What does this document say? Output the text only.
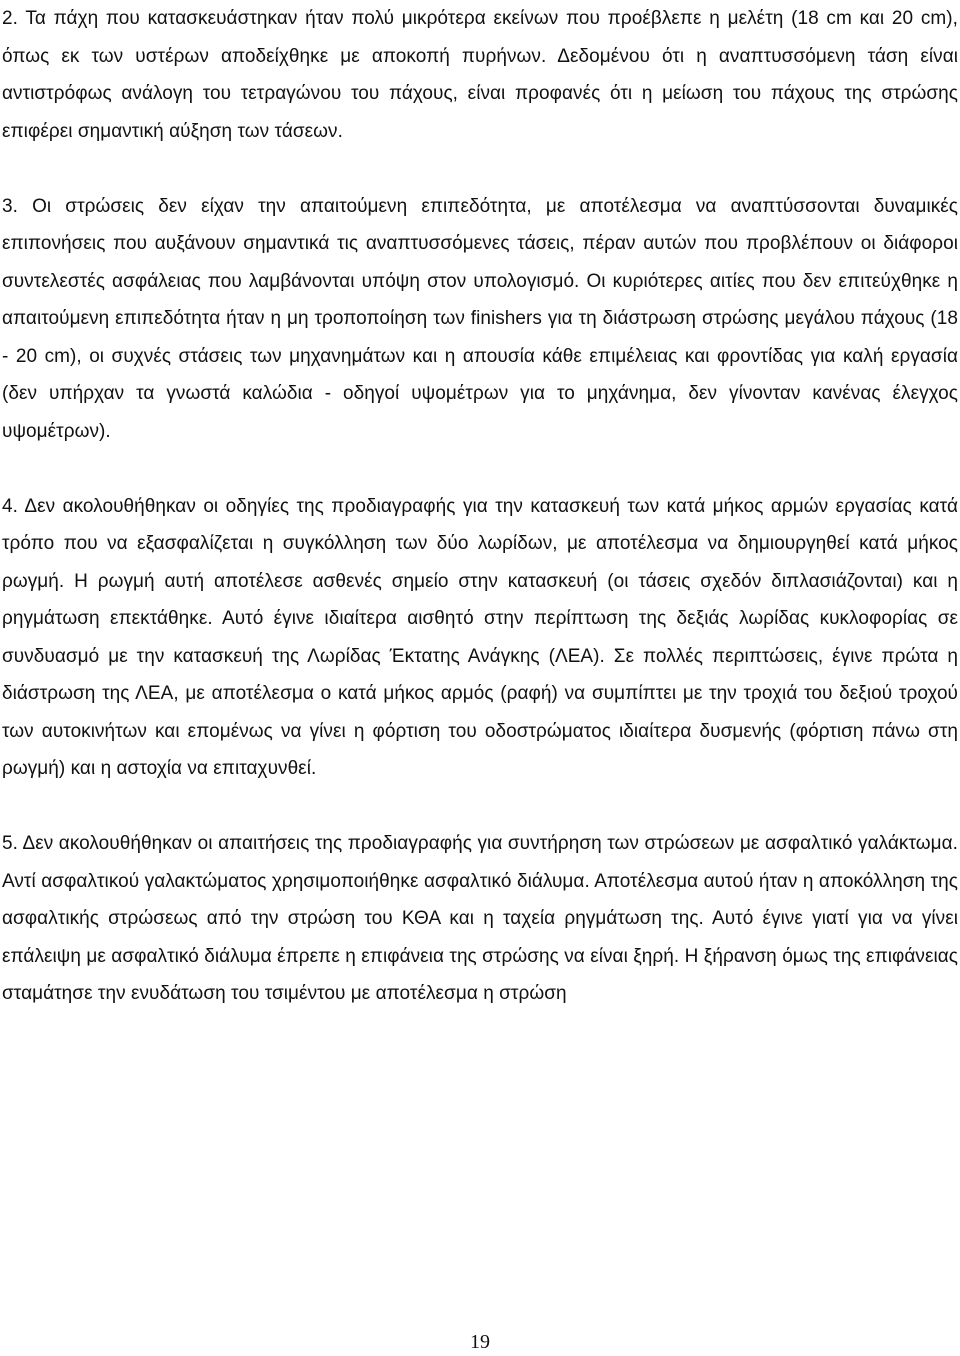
2. Τα πάχη που κατασκευάστηκαν ήταν πολύ μικρότερα εκείνων που προέβλεπε η μελέτη (18 cm και 20 cm), όπως εκ των υστέρων αποδείχθηκε με αποκοπή πυρήνων. Δεδομένου ότι η αναπτυσσόμενη τάση είναι αντιστρόφως ανάλογη του τετραγώνου του πάχους, είναι προφανές ότι η μείωση του πάχους της στρώσης επιφέρει σημαντική αύξηση των τάσεων.

3. Οι στρώσεις δεν είχαν την απαιτούμενη επιπεδότητα, με αποτέλεσμα να αναπτύσσονται δυναμικές επιπονήσεις που αυξάνουν σημαντικά τις αναπτυσσόμενες τάσεις, πέραν αυτών που προβλέπουν οι διάφοροι συντελεστές ασφάλειας που λαμβάνονται υπόψη στον υπολογισμό. Οι κυριότερες αιτίες που δεν επιτεύχθηκε η απαιτούμενη επιπεδότητα ήταν η μη τροποποίηση των finishers για τη διάστρωση στρώσης μεγάλου πάχους (18 - 20 cm), οι συχνές στάσεις των μηχανημάτων και η απουσία κάθε επιμέλειας και φροντίδας για καλή εργασία (δεν υπήρχαν τα γνωστά καλώδια - οδηγοί υψομέτρων για το μηχάνημα, δεν γίνονταν κανένας έλεγχος υψομέτρων).

4. Δεν ακολουθήθηκαν οι οδηγίες της προδιαγραφής για την κατασκευή των κατά μήκος αρμών εργασίας κατά τρόπο που να εξασφαλίζεται η συγκόλληση των δύο λωρίδων, με αποτέλεσμα να δημιουργηθεί κατά μήκος ρωγμή. Η ρωγμή αυτή αποτέλεσε ασθενές σημείο στην κατασκευή (οι τάσεις σχεδόν διπλασιάζονται) και η ρηγμάτωση επεκτάθηκε. Αυτό έγινε ιδιαίτερα αισθητό στην περίπτωση της δεξιάς λωρίδας κυκλοφορίας σε συνδυασμό με την κατασκευή της Λωρίδας Έκτατης Ανάγκης (ΛΕΑ). Σε πολλές περιπτώσεις, έγινε πρώτα η διάστρωση της ΛΕΑ, με αποτέλεσμα ο κατά μήκος αρμός (ραφή) να συμπίπτει με την τροχιά του δεξιού τροχού των αυτοκινήτων και επομένως να γίνει η φόρτιση του οδοστρώματος ιδιαίτερα δυσμενής (φόρτιση πάνω στη ρωγμή) και η αστοχία να επιταχυνθεί.

5. Δεν ακολουθήθηκαν οι απαιτήσεις της προδιαγραφής για συντήρηση των στρώσεων με ασφαλτικό γαλάκτωμα. Αντί ασφαλτικού γαλακτώματος χρησιμοποιήθηκε ασφαλτικό διάλυμα. Αποτέλεσμα αυτού ήταν η αποκόλληση της ασφαλτικής στρώσεως από την στρώση του ΚΘΑ και η ταχεία ρηγμάτωση της. Αυτό έγινε γιατί για να γίνει επάλειψη με ασφαλτικό διάλυμα έπρεπε η επιφάνεια της στρώσης να είναι ξηρή. Η ξήρανση όμως της επιφάνειας σταμάτησε την ενυδάτωση του τσιμέντου με αποτέλεσμα η στρώση

19
